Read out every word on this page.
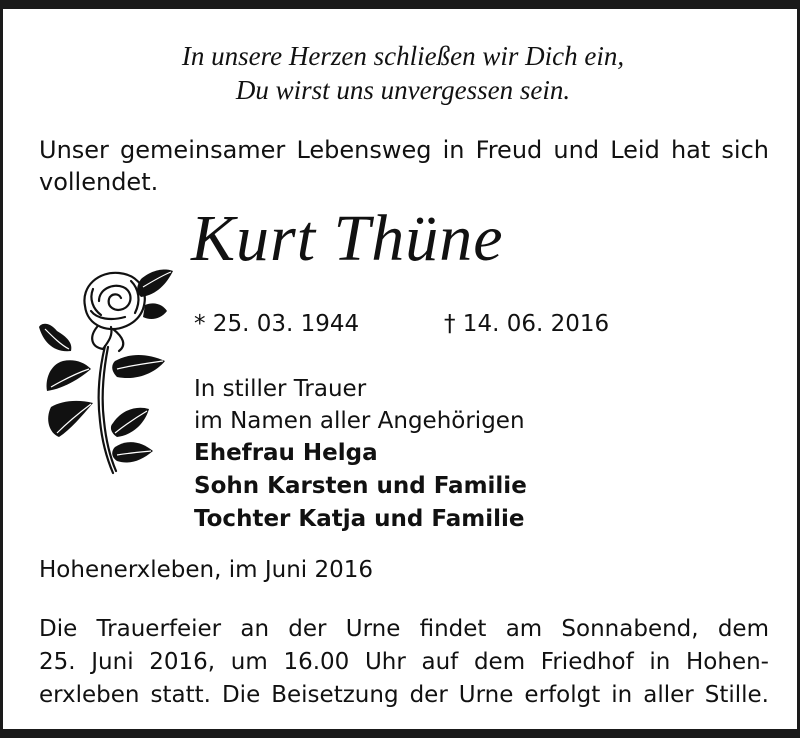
In unsere Herzen schließen wir Dich ein,
Du wirst uns unvergessen sein.
Unser gemeinsamer Lebensweg in Freud und Leid hat sich
vollendet.
Kurt Thüne
* 25. 03. 1944	† 14. 06. 2016
In stiller Trauer
im Namen aller Angehörigen
Ehefrau Helga
Sohn Karsten und Familie
Tochter Katja und Familie
Hohenerxleben, im Juni 2016
Die Trauerfeier an der Urne findet am Sonnabend, dem
25. Juni 2016, um 16.00 Uhr auf dem Friedhof in Hohen-
erxleben statt. Die Beisetzung der Urne erfolgt in aller Stille.
